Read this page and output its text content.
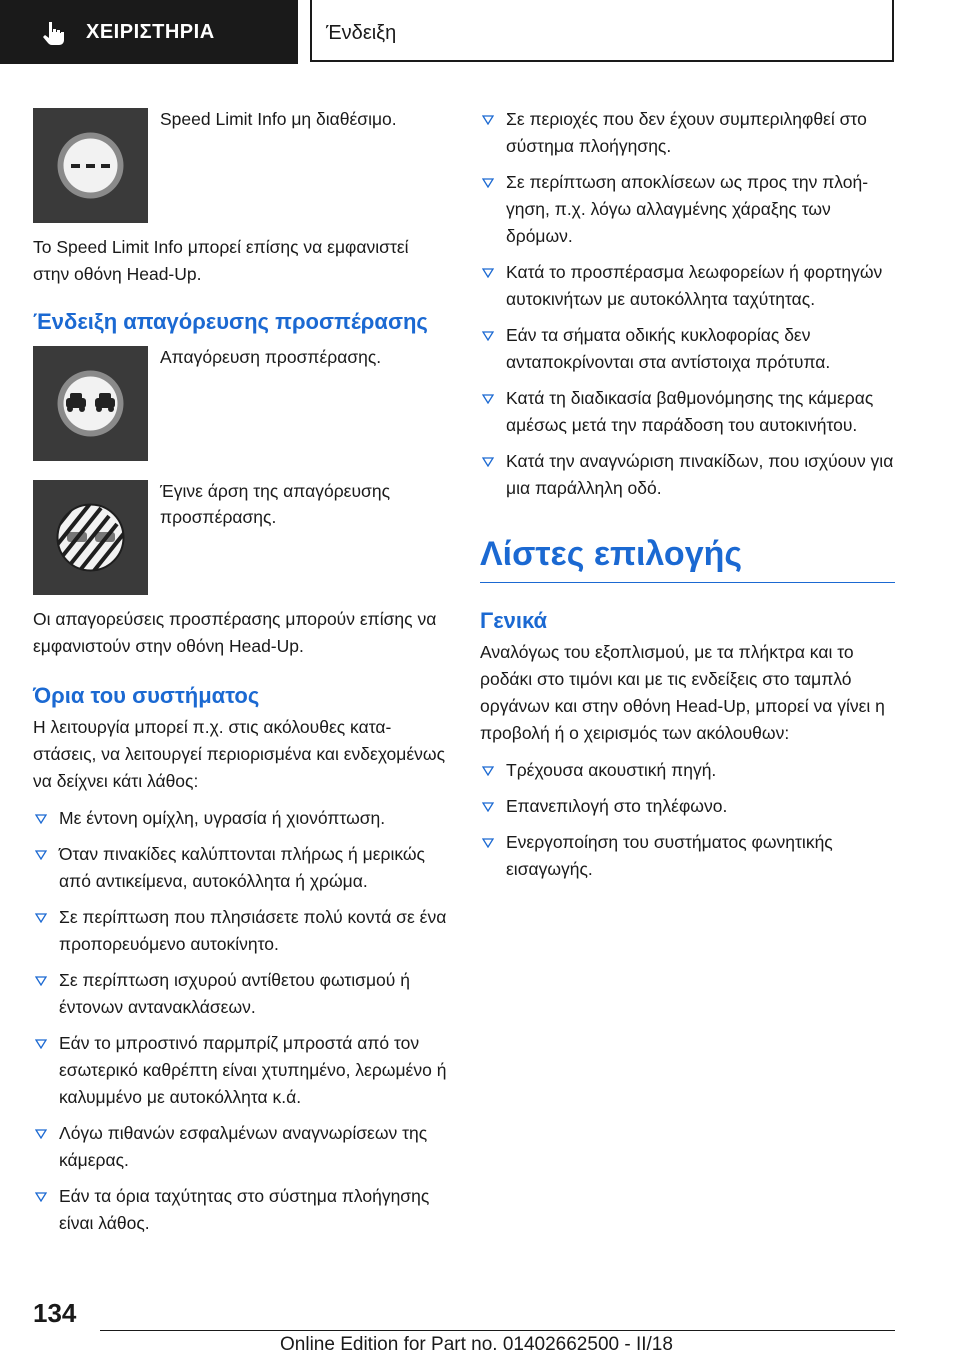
ΧΕΙΡΙΣΤΗΡΙΑ	Ένδειξη
Speed Limit Info μη διαθέσιμο.

Το Speed Limit Info μπορεί επίσης να εμφανιστεί στην οθόνη Head-Up.

Ένδειξη απαγόρευσης προσπέρασης
Απαγόρευση προσπέρασης.
Έγινε άρση της απαγόρευσης προσπέρασης.

Οι απαγορεύσεις προσπέρασης μπορούν επίσης να εμφανιστούν στην οθόνη Head-Up.

Όρια του συστήματος

Η λειτουργία μπορεί π.χ. στις ακόλουθες καταστάσεις, να λειτουργεί περιορισμένα και ενδεχομένως να δείχνει κάτι λάθος:

Με έντονη ομίχλη, υγρασία ή χιονόπτωση.
Όταν πινακίδες καλύπτονται πλήρως ή μερικώς από αντικείμενα, αυτοκόλλητα ή χρώμα.
Σε περίπτωση που πλησιάσετε πολύ κοντά σε ένα προπορευόμενο αυτοκίνητο.
Σε περίπτωση ισχυρού αντίθετου φωτισμού ή έντονων αντανακλάσεων.
Εάν το μπροστινό παρμπρίζ μπροστά από τον εσωτερικό καθρέπτη είναι χτυπημένο, λερωμένο ή καλυμμένο με αυτοκόλλητα κ.ά.
Λόγω πιθανών εσφαλμένων αναγνωρίσεων της κάμερας.
Εάν τα όρια ταχύτητας στο σύστημα πλοήγησης είναι λάθος.
Σε περιοχές που δεν έχουν συμπεριληφθεί στο σύστημα πλοήγησης.
Σε περίπτωση αποκλίσεων ως προς την πλοήγηση, π.χ. λόγω αλλαγμένης χάραξης των δρόμων.
Κατά το προσπέρασμα λεωφορείων ή φορτηγών αυτοκινήτων με αυτοκόλλητα ταχύτητας.
Εάν τα σήματα οδικής κυκλοφορίας δεν ανταποκρίνονται στα αντίστοιχα πρότυπα.
Κατά τη διαδικασία βαθμονόμησης της κάμερας αμέσως μετά την παράδοση του αυτοκινήτου.
Κατά την αναγνώριση πινακίδων, που ισχύουν για μια παράλληλη οδό.
Λίστες επιλογής
Γενικά

Αναλόγως του εξοπλισμού, με τα πλήκτρα και το ροδάκι στο τιμόνι και με τις ενδείξεις στο ταμπλό οργάνων και στην οθόνη Head-Up, μπορεί να γίνει η προβολή ή ο χειρισμός των ακόλουθων:

Τρέχουσα ακουστική πηγή.
Επανεπιλογή στο τηλέφωνο.
Ενεργοποίηση του συστήματος φωνητικής εισαγωγής.
134
Online Edition for Part no. 01402662500 - II/18
